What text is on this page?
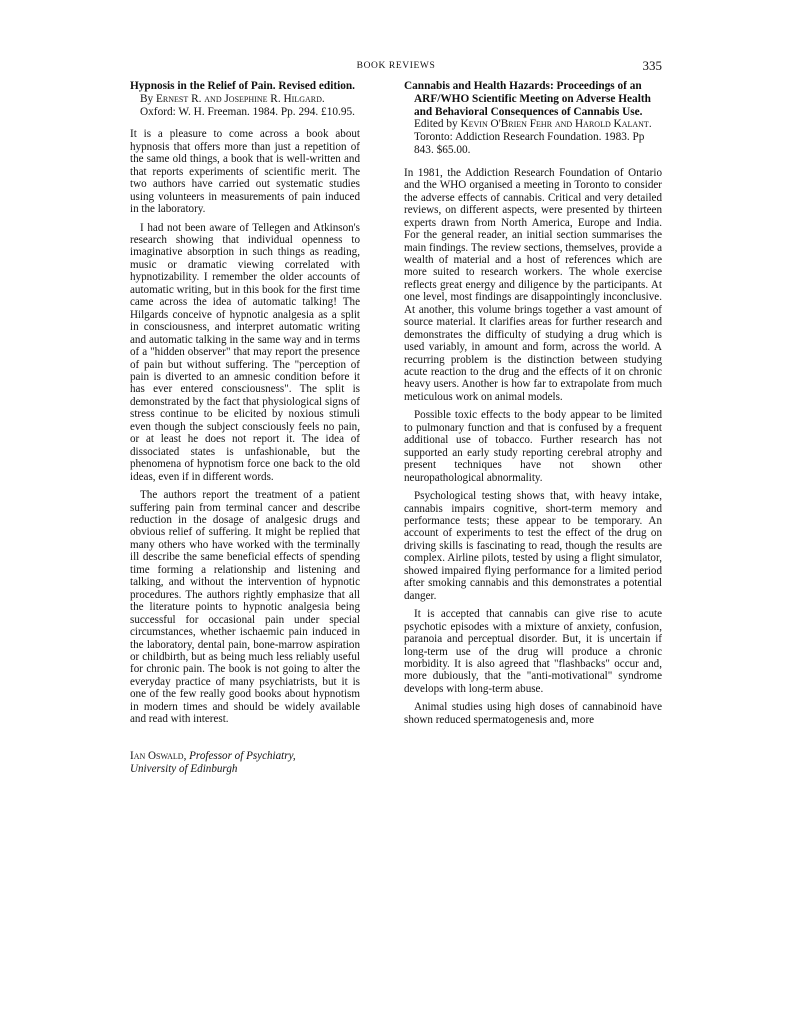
BOOK REVIEWS	335
Hypnosis in the Relief of Pain. Revised edition. By Ernest R. and Josephine R. Hilgard. Oxford: W. H. Freeman. 1984. Pp. 294. £10.95.

It is a pleasure to come across a book about hypnosis that offers more than just a repetition of the same old things, a book that is well-written and that reports experiments of scientific merit. The two authors have carried out systematic studies using volunteers in measurements of pain induced in the laboratory.

I had not been aware of Tellegen and Atkinson's research showing that individual openness to imaginative absorption in such things as reading, music or dramatic viewing correlated with hypnotizability. I remember the older accounts of automatic writing, but in this book for the first time came across the idea of automatic talking! The Hilgards conceive of hypnotic analgesia as a split in consciousness, and interpret automatic writing and automatic talking in the same way and in terms of a "hidden observer" that may report the presence of pain but without suffering. The "perception of pain is diverted to an amnesic condition before it has ever entered consciousness". The split is demonstrated by the fact that physiological signs of stress continue to be elicited by noxious stimuli even though the subject consciously feels no pain, or at least he does not report it. The idea of dissociated states is unfashionable, but the phenomena of hypnotism force one back to the old ideas, even if in different words.

The authors report the treatment of a patient suffering pain from terminal cancer and describe reduction in the dosage of analgesic drugs and obvious relief of suffering. It might be replied that many others who have worked with the terminally ill describe the same beneficial effects of spending time forming a relationship and listening and talking, and without the intervention of hypnotic procedures. The authors rightly emphasize that all the literature points to hypnotic analgesia being successful for occasional pain under special circumstances, whether ischaemic pain induced in the laboratory, dental pain, bone-marrow aspiration or childbirth, but as being much less reliably useful for chronic pain. The book is not going to alter the everyday practice of many psychiatrists, but it is one of the few really good books about hypnotism in modern times and should be widely available and read with interest.

Ian Oswald, Professor of Psychiatry,
University of Edinburgh
Cannabis and Health Hazards: Proceedings of an ARF/WHO Scientific Meeting on Adverse Health and Behavioral Consequences of Cannabis Use. Edited by Kevin O'Brien Fehr and Harold Kalant. Toronto: Addiction Research Foundation. 1983. Pp 843. $65.00.

In 1981, the Addiction Research Foundation of Ontario and the WHO organised a meeting in Toronto to consider the adverse effects of cannabis. Critical and very detailed reviews, on different aspects, were presented by thirteen experts drawn from North America, Europe and India. For the general reader, an initial section summarises the main findings. The review sections, themselves, provide a wealth of material and a host of references which are more suited to research workers. The whole exercise reflects great energy and diligence by the participants. At one level, most findings are disappointingly inconclusive. At another, this volume brings together a vast amount of source material. It clarifies areas for further research and demonstrates the difficulty of studying a drug which is used variably, in amount and form, across the world. A recurring problem is the distinction between studying acute reaction to the drug and the effects of it on chronic heavy users. Another is how far to extrapolate from much meticulous work on animal models.

Possible toxic effects to the body appear to be limited to pulmonary function and that is confused by a frequent additional use of tobacco. Further research has not supported an early study reporting cerebral atrophy and present techniques have not shown other neuropathological abnormality.

Psychological testing shows that, with heavy intake, cannabis impairs cognitive, short-term memory and performance tests; these appear to be temporary. An account of experiments to test the effect of the drug on driving skills is fascinating to read, though the results are complex. Airline pilots, tested by using a flight simulator, showed impaired flying performance for a limited period after smoking cannabis and this demonstrates a potential danger.

It is accepted that cannabis can give rise to acute psychotic episodes with a mixture of anxiety, confusion, paranoia and perceptual disorder. But, it is uncertain if long-term use of the drug will produce a chronic morbidity. It is also agreed that "flashbacks" occur and, more dubiously, that the "anti-motivational" syndrome develops with long-term abuse.

Animal studies using high doses of cannabinoid have shown reduced spermatogenesis and, more
